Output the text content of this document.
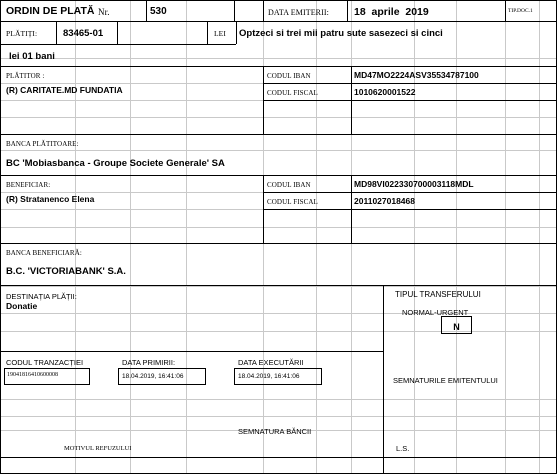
ORDIN DE PLATĂ Nr.	530	DATA EMITERII: 18  aprile  2019	TIP.DOC.1
PLĂTIȚI:	83465-01	LEI Optzeci si trei mii patru sute sasezeci si cinci
lei 01 bani
PLĂTITOR :
(R) CARITATE.MD FUNDATIA
CODUL IBAN	MD47MO2224ASV35534787100
CODUL FISCAL	1010620001522
BANCA PLĂTITOARE:
BC 'Mobiasbanca - Groupe Societe Generale' SA
BENEFICIAR:
(R) Stratanenco Elena
CODUL IBAN	MD98VI022330700003118MDL
CODUL FISCAL	2011027018468
BANCA BENEFICIARĂ:
B.C. 'VICTORIABANK' S.A.
DESTINAȚIA PLĂȚII:
Donatie
TIPUL TRANSFERULUI
NORMAL-URGENT
N
CODUL TRANZACȚIEI
19041816410600008
DATA PRIMIRII:
18.04.2019, 16:41:06
DATA EXECUTĂRII
18.04.2019, 16:41:06	SEMNATURILE EMITENTULUI
SEMNATURA BĂNCII
MOTIVUL REFUZULUI	L.S.
